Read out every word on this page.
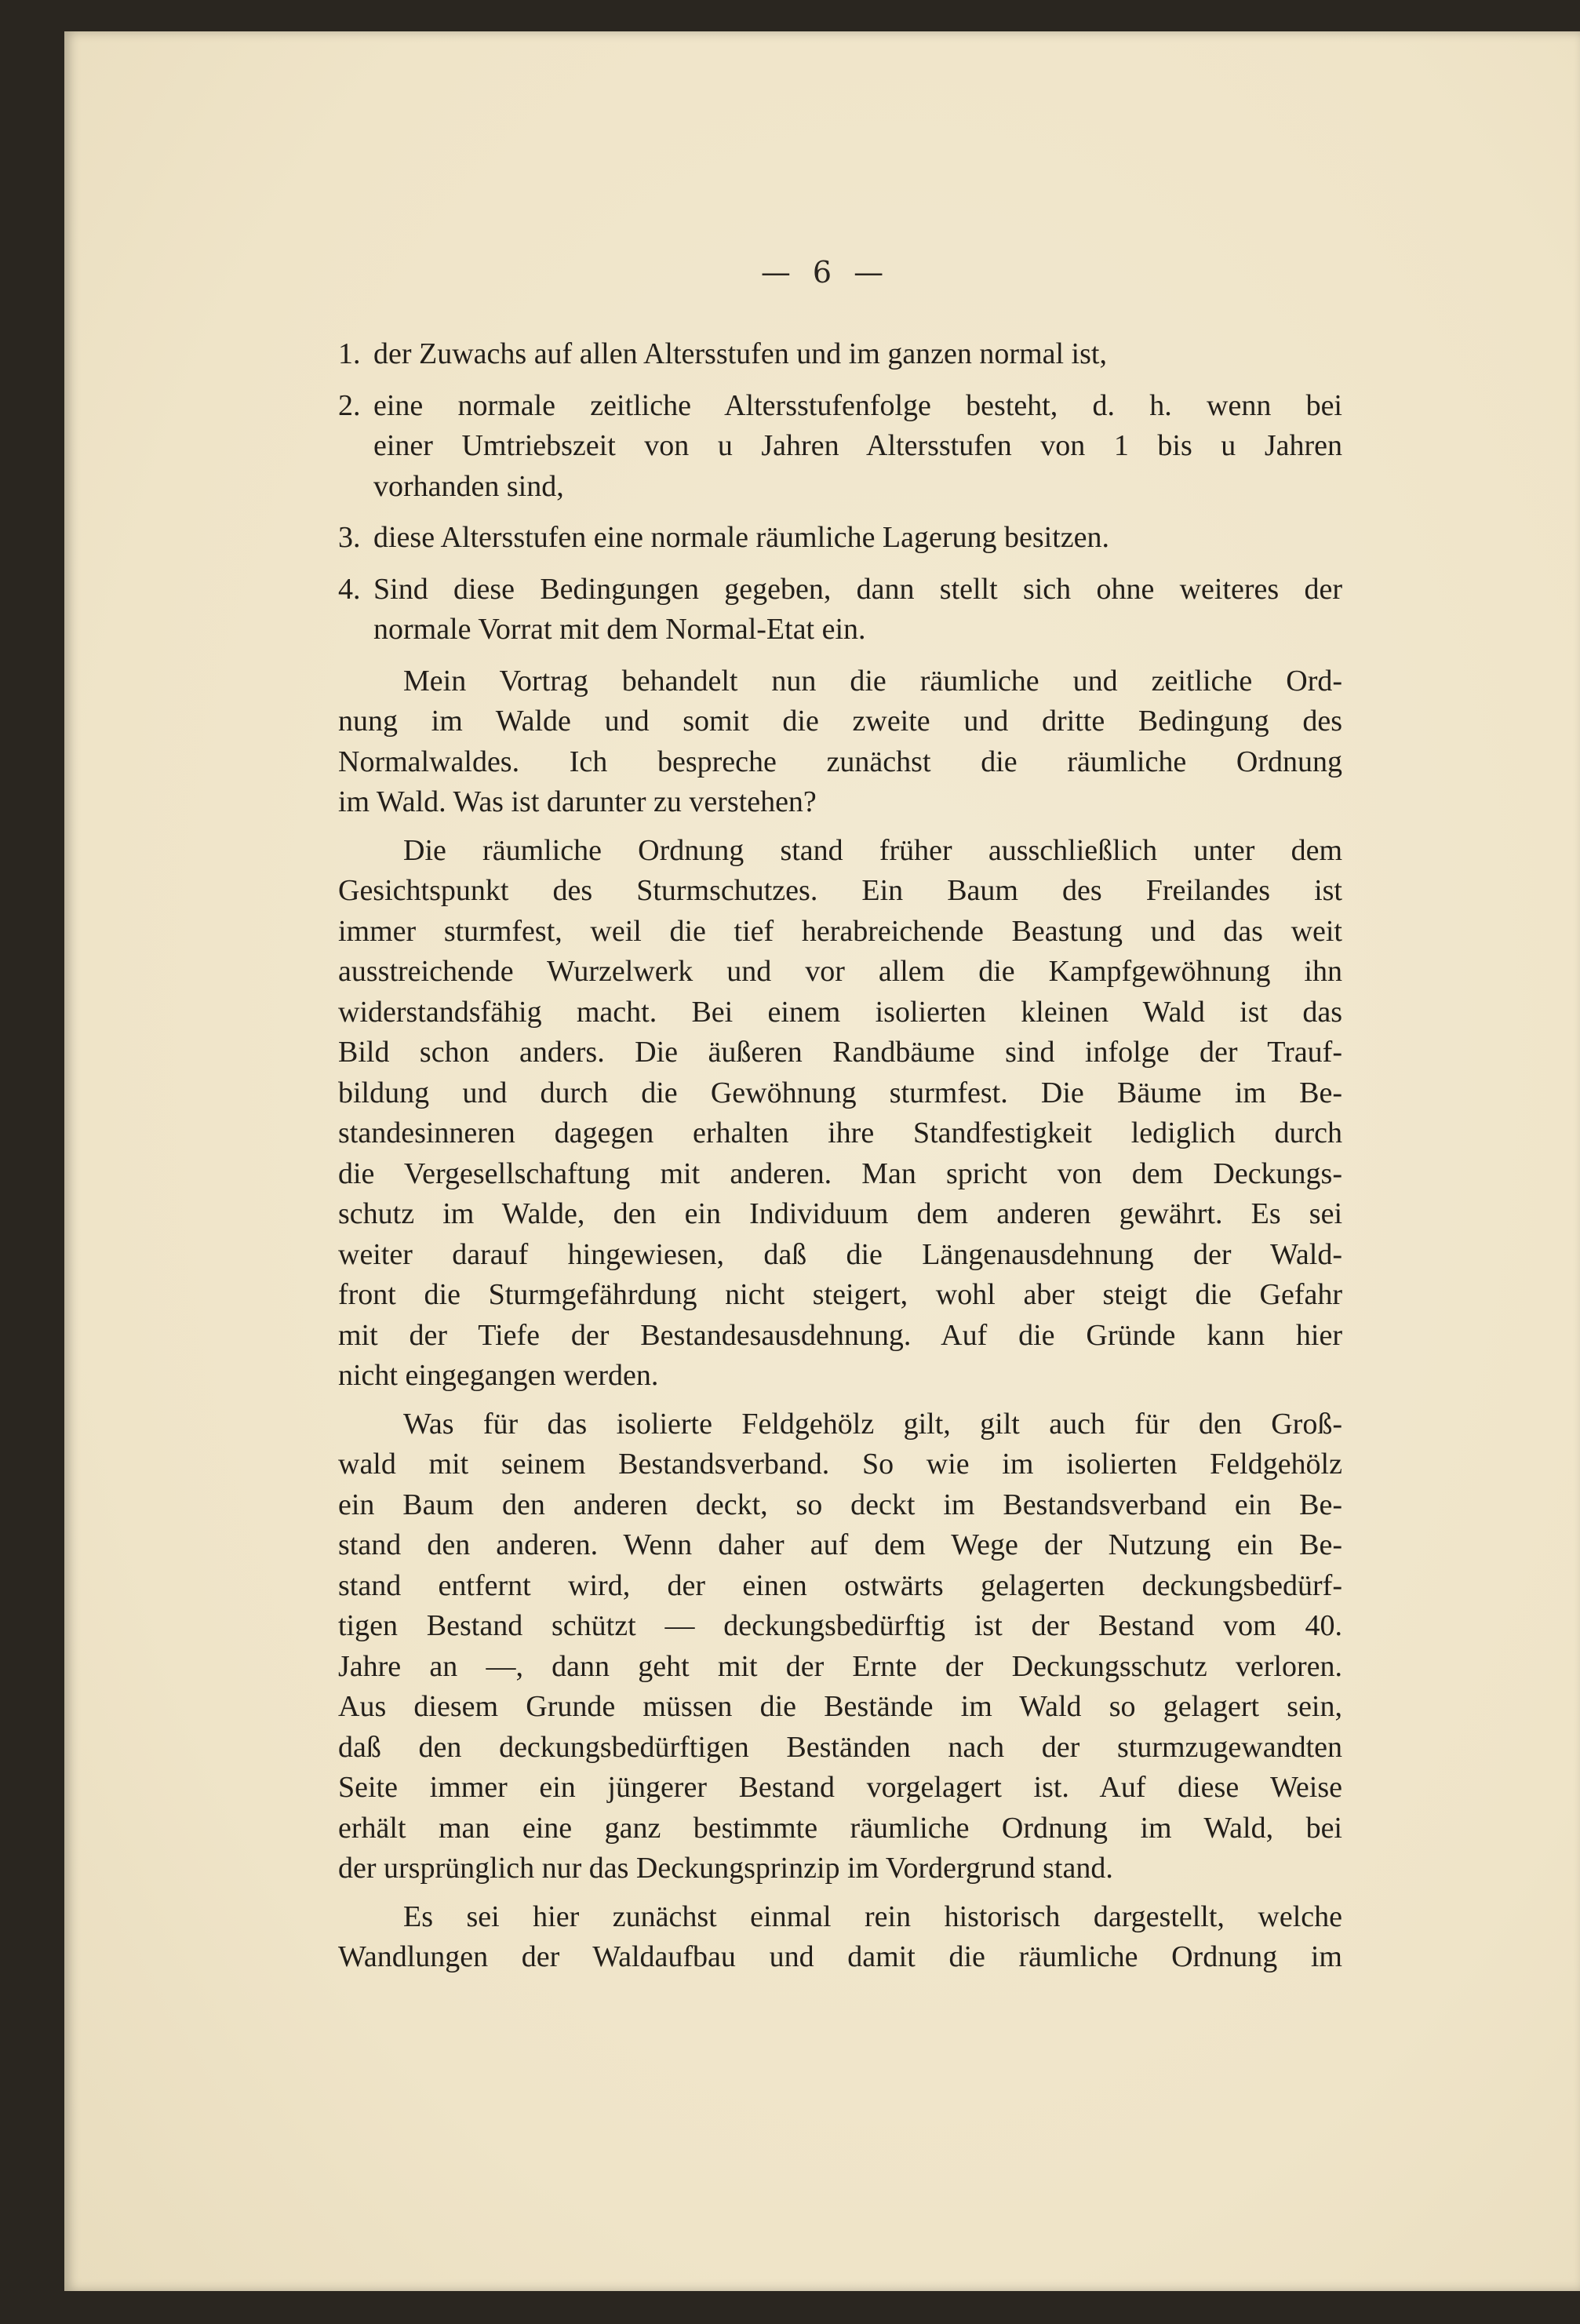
— 6 —
1. der Zuwachs auf allen Altersstufen und im ganzen normal ist,
2. eine normale zeitliche Altersstufenfolge besteht, d. h. wenn bei
einer Umtriebszeit von u Jahren Altersstufen von 1 bis u Jahren
vorhanden sind,
3. diese Altersstufen eine normale räumliche Lagerung besitzen.
4. Sind diese Bedingungen gegeben, dann stellt sich ohne weiteres der
normale Vorrat mit dem Normal-Etat ein.
Mein Vortrag behandelt nun die räumliche und zeitliche Ord-
nung im Walde und somit die zweite und dritte Bedingung des
Normalwaldes. Ich bespreche zunächst die räumliche Ordnung
im Wald. Was ist darunter zu verstehen?
Die räumliche Ordnung stand früher ausschließlich unter dem
Gesichtspunkt des Sturmschutzes. Ein Baum des Freilandes ist
immer sturmfest, weil die tief herabreichende Beastung und das weit
ausstreichende Wurzelwerk und vor allem die Kampfgewöhnung ihn
widerstandsfähig macht. Bei einem isolierten kleinen Wald ist das
Bild schon anders. Die äußeren Randbäume sind infolge der Trauf-
bildung und durch die Gewöhnung sturmfest. Die Bäume im Be-
standesinneren dagegen erhalten ihre Standfestigkeit lediglich durch
die Vergesellschaftung mit anderen. Man spricht von dem Deckungs-
schutz im Walde, den ein Individuum dem anderen gewährt. Es sei
weiter darauf hingewiesen, daß die Längenausdehnung der Wald-
front die Sturmgefährdung nicht steigert, wohl aber steigt die Gefahr
mit der Tiefe der Bestandesausdehnung. Auf die Gründe kann hier
nicht eingegangen werden.
Was für das isolierte Feldgehölz gilt, gilt auch für den Groß-
wald mit seinem Bestandsverband. So wie im isolierten Feldgehölz
ein Baum den anderen deckt, so deckt im Bestandsverband ein Be-
stand den anderen. Wenn daher auf dem Wege der Nutzung ein Be-
stand entfernt wird, der einen ostwärts gelagerten deckungsbedürf-
tigen Bestand schützt — deckungsbedürftig ist der Bestand vom 40.
Jahre an —, dann geht mit der Ernte der Deckungsschutz verloren.
Aus diesem Grunde müssen die Bestände im Wald so gelagert sein,
daß den deckungsbedürftigen Beständen nach der sturmzugewandten
Seite immer ein jüngerer Bestand vorgelagert ist. Auf diese Weise
erhält man eine ganz bestimmte räumliche Ordnung im Wald, bei
der ursprünglich nur das Deckungsprinzip im Vordergrund stand.
Es sei hier zunächst einmal rein historisch dargestellt, welche
Wandlungen der Waldaufbau und damit die räumliche Ordnung im
